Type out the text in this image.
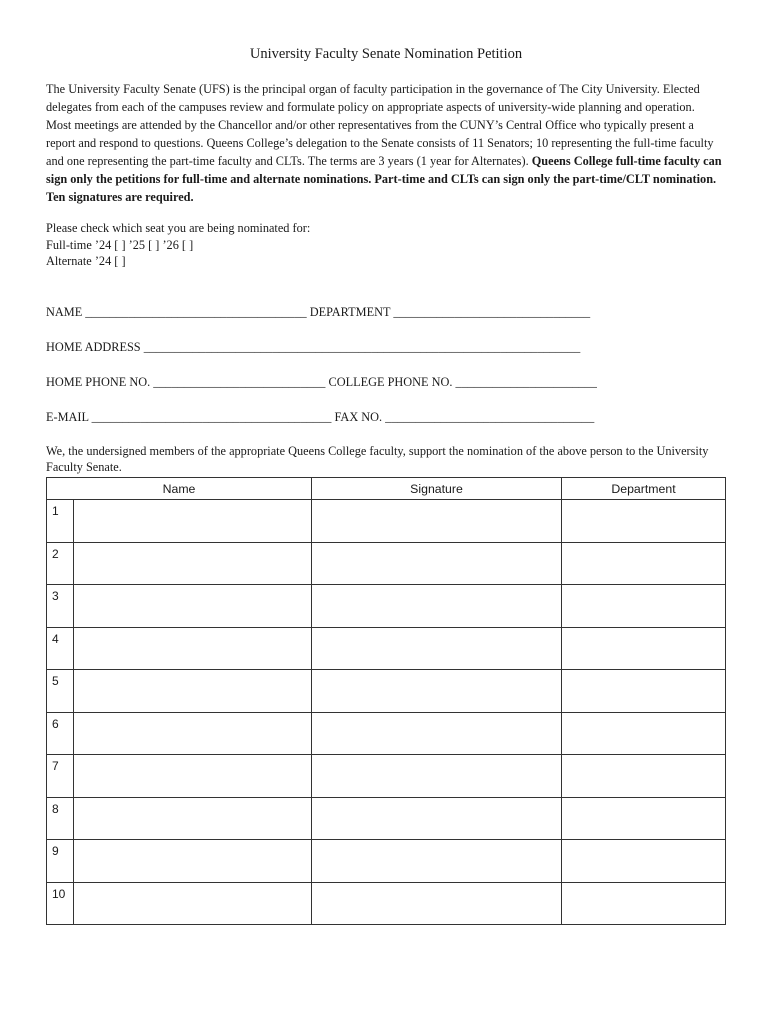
University Faculty Senate Nomination Petition

The University Faculty Senate (UFS) is the principal organ of faculty participation in the governance of The City University. Elected delegates from each of the campuses review and formulate policy on appropriate aspects of university-wide planning and operation. Most meetings are attended by the Chancellor and/or other representatives from the CUNY’s Central Office who typically present a report and respond to questions. Queens College’s delegation to the Senate consists of 11 Senators; 10 representing the full-time faculty and one representing the part-time faculty and CLTs. The terms are 3 years (1 year for Alternates). Queens College full-time faculty can sign only the petitions for full-time and alternate nominations. Part-time and CLTs can sign only the part-time/CLT nomination. Ten signatures are required.

Please check which seat you are being nominated for:
Full-time ’24 [ ] ’25 [ ] ’26 [ ]
Alternate ’24 [ ]
NAME ____________________________________ DEPARTMENT ________________________________
HOME ADDRESS _______________________________________________________________________
HOME PHONE NO. ____________________________ COLLEGE PHONE NO. _______________________
E-MAIL _______________________________________ FAX NO. __________________________________

We, the undersigned members of the appropriate Queens College faculty, support the nomination of the above person to the University Faculty Senate.

Name		Signature	Department
1			
2			
3			
4			
5			
6			
7			
8			
9			
10			
